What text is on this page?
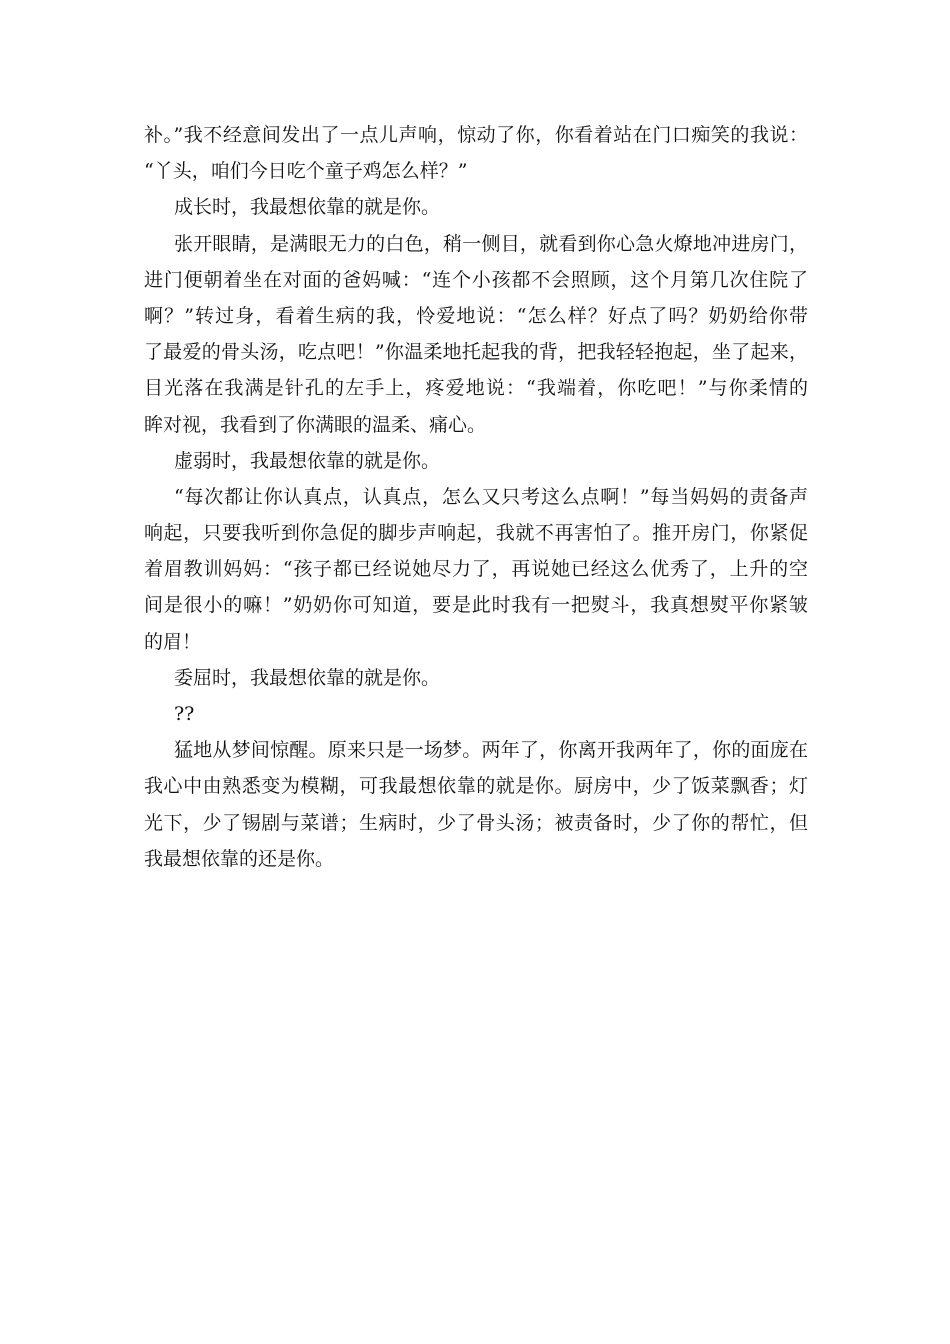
补。”我不经意间发出了一点儿声响，惊动了你，你看着站在门口痴笑的我说：
“丫头，咱们今日吃个童子鸡怎么样？”
成长时，我最想依靠的就是你。
张开眼睛，是满眼无力的白色，稍一侧目，就看到你心急火燎地冲进房门，
进门便朝着坐在对面的爸妈喊：“连个小孩都不会照顾，这个月第几次住院了
啊？”转过身，看着生病的我，怜爱地说：“怎么样？好点了吗？奶奶给你带
了最爱的骨头汤，吃点吧！”你温柔地托起我的背，把我轻轻抱起，坐了起来，
目光落在我满是针孔的左手上，疼爱地说：“我端着，你吃吧！”与你柔情的
眸对视，我看到了你满眼的温柔、痛心。
虚弱时，我最想依靠的就是你。
“每次都让你认真点，认真点，怎么又只考这么点啊！”每当妈妈的责备声
响起，只要我听到你急促的脚步声响起，我就不再害怕了。推开房门，你紧促
着眉教训妈妈：“孩子都已经说她尽力了，再说她已经这么优秀了，上升的空
间是很小的嘛！”奶奶你可知道，要是此时我有一把熨斗，我真想熨平你紧皱
的眉！
委屈时，我最想依靠的就是你。
??
猛地从梦间惊醒。原来只是一场梦。两年了，你离开我两年了，你的面庞在
我心中由熟悉变为模糊，可我最想依靠的就是你。厨房中，少了饭菜飘香；灯
光下，少了锡剧与菜谱；生病时，少了骨头汤；被责备时，少了你的帮忙，但
我最想依靠的还是你。
